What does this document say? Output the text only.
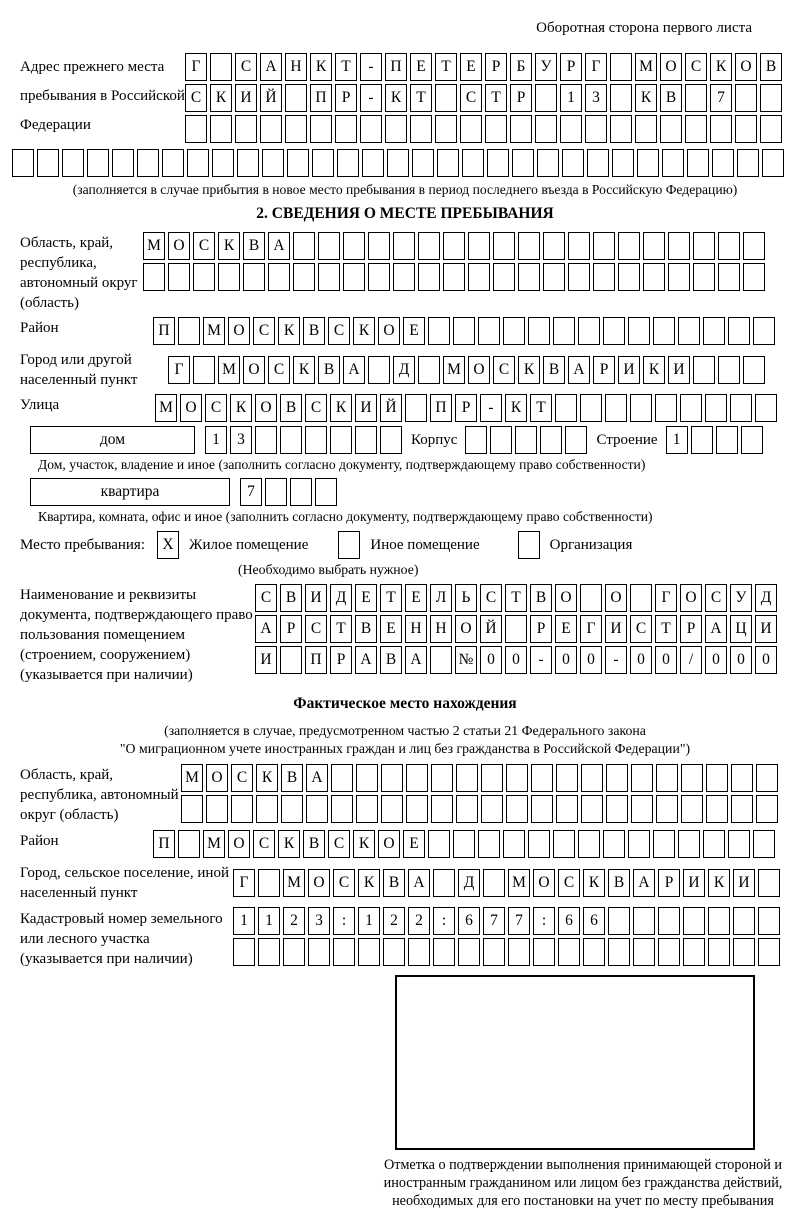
Оборотная сторона первого листа
Адрес прежнего места пребывания в Российской Федерации
Г	С А Н К Т	-	П Е	Т	Е	Р	Б У Р	Г	М О С К О В
С К И Й	П Р	-	К Т	С Т	Р	1	3	К В	7
(заполняется в случае прибытия в новое место пребывания в период последнего въезда в Российскую Федерацию)
2. СВЕДЕНИЯ О МЕСТЕ ПРЕБЫВАНИЯ
Область, край, республика, автономный округ (область)
М О С К В А
Район	П	М О С К В С К О Е
Город или другой населенный пункт
Г	М О С К В А	Д	М О С К В А Р И К И
Улица	М О С К О В С К И Й	П Р	-	К Т
дом	1	3	Корпус	Строение 1
Дом, участок, владение и иное (заполнить согласно документу, подтверждающему право собственности)
квартира	7
Квартира, комната, офис и иное (заполнить согласно документу, подтверждающему право собственности)
Место пребывания:	X	Жилое помещение	Иное помещение	Организация
(Необходимо выбрать нужное)
Наименование и реквизиты документа, подтверждающего право пользования помещением (строением, сооружением) (указывается при наличии)
С В И Д Е	Т	Е Л Ь С Т В О	О	Г О С У Д
А Р	С Т В Е Н Н О Й	Р	Е	Г И С Т	Р А Ц И
И	П Р А В А	№ 0	0	-	0	0	-	0	0	/	0	0	0
Фактическое место нахождения
(заполняется в случае, предусмотренном частью 2 статьи 21 Федерального закона
"О миграционном учете иностранных граждан и лиц без гражданства в Российской Федерации")
Область, край, республика, автономный округ (область)
М О С К В А
Район	П	М О С К В С К О Е
Город, сельское поселение, иной населенный пункт
Г	М О С К В А	Д	М О С К В А Р И К И
Кадастровый номер земельного или лесного участка (указывается при наличии)
1	1	2	3	:	1	2	2	:	6	7	7	:	6	6
Отметка о подтверждении выполнения принимающей стороной и иностранным гражданином или лицом без гражданства действий, необходимых для его постановки на учет по месту пребывания
